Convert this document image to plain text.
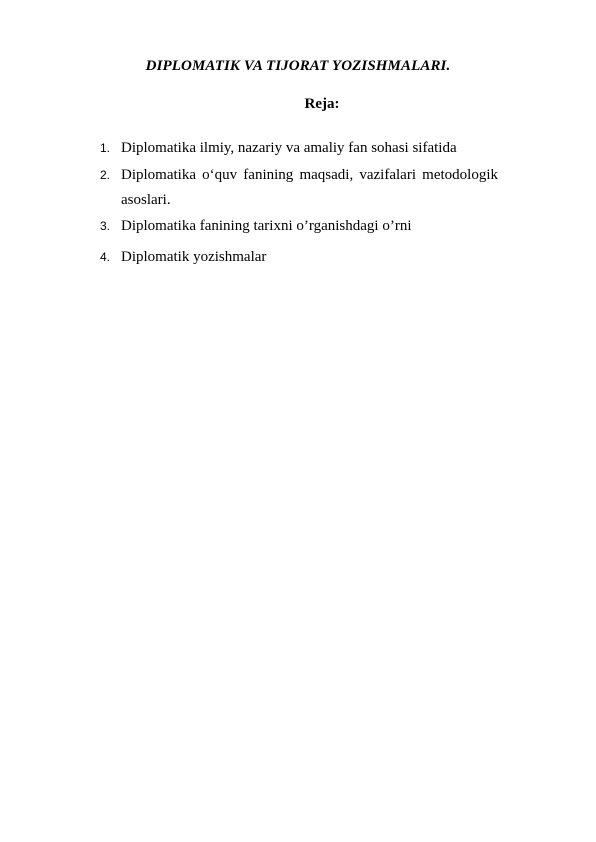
DIPLOMATIK VA TIJORAT YOZISHMALARI.
Reja:
1. Diplomatika ilmiy, nazariy va amaliy fan sohasi sifatida
2. Diplomatika o‘quv fanining maqsadi, vazifalari metodologik asoslari.
3. Diplomatika fanining tarixni o’rganishdagi o’rni
4. Diplomatik yozishmalar
